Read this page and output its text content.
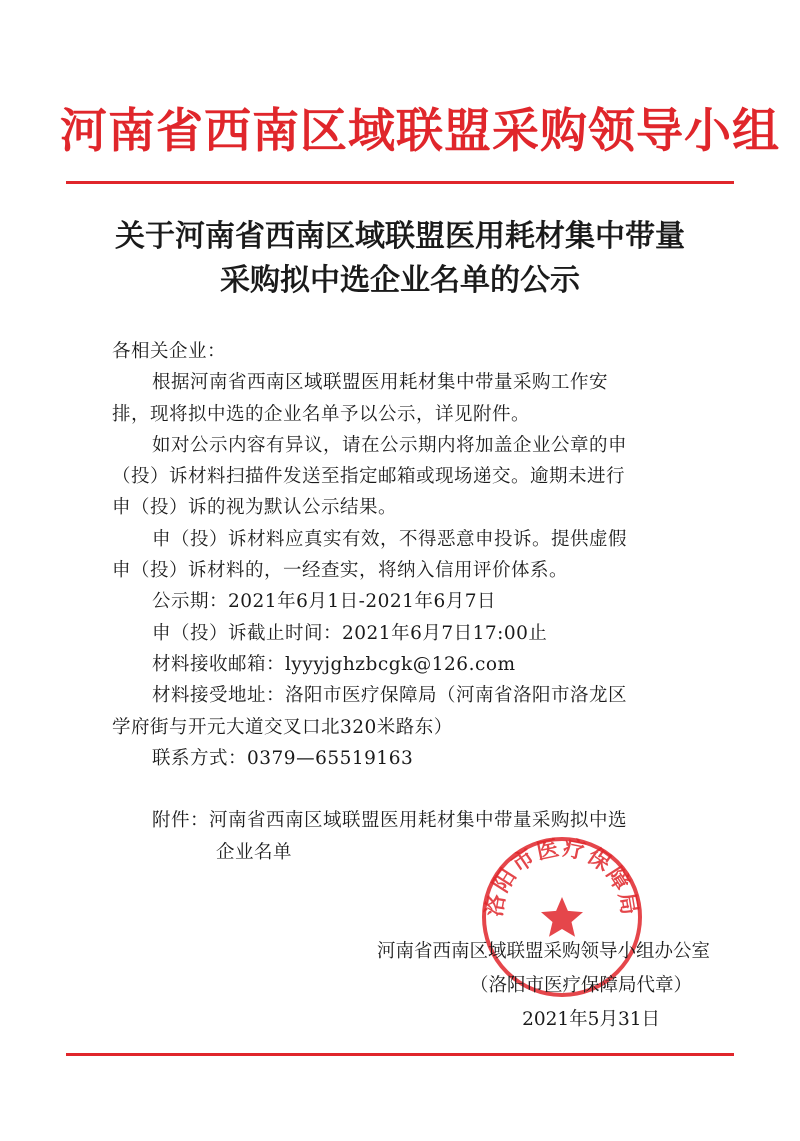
河南省西南区域联盟采购领导小组
关于河南省西南区域联盟医用耗材集中带量
采购拟中选企业名单的公示

各相关企业：

根据河南省西南区域联盟医用耗材集中带量采购工作安

排，现将拟中选的企业名单予以公示，详见附件。

如对公示内容有异议，请在公示期内将加盖企业公章的申

（投）诉材料扫描件发送至指定邮箱或现场递交。逾期未进行

申（投）诉的视为默认公示结果。

申（投）诉材料应真实有效，不得恶意申投诉。提供虚假

申（投）诉材料的，一经查实，将纳入信用评价体系。

公示期：2021年6月1日-2021年6月7日

申（投）诉截止时间：2021年6月7日17:00止

材料接收邮箱：lyyyjghzbcgk@126.com

材料接受地址：洛阳市医疗保障局（河南省洛阳市洛龙区

学府街与开元大道交叉口北320米路东）

联系方式：0379—65519163

附件：河南省西南区域联盟医用耗材集中带量采购拟中选

企业名单

洛阳市医疗保障局

河南省西南区域联盟采购领导小组办公室

（洛阳市医疗保障局代章）

2021年5月31日
